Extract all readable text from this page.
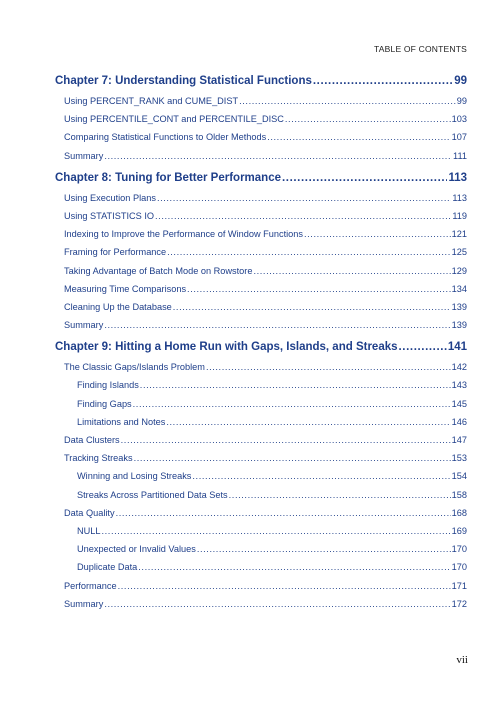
TABLE OF CONTENTS
Chapter 7: Understanding Statistical Functions .....	99
Using PERCENT_RANK and CUME_DIST .....	99
Using PERCENTILE_CONT and PERCENTILE_DISC .....	103
Comparing Statistical Functions to Older Methods .....	107
Summary .....	111
Chapter 8: Tuning for Better Performance .....	113
Using Execution Plans .....	113
Using STATISTICS IO .....	119
Indexing to Improve the Performance of Window Functions .....	121
Framing for Performance .....	125
Taking Advantage of Batch Mode on Rowstore .....	129
Measuring Time Comparisons .....	134
Cleaning Up the Database .....	139
Summary .....	139
Chapter 9: Hitting a Home Run with Gaps, Islands, and Streaks .....	141
The Classic Gaps/Islands Problem .....	142
Finding Islands .....	143
Finding Gaps .....	145
Limitations and Notes .....	146
Data Clusters .....	147
Tracking Streaks .....	153
Winning and Losing Streaks .....	154
Streaks Across Partitioned Data Sets .....	158
Data Quality .....	168
NULL .....	169
Unexpected or Invalid Values .....	170
Duplicate Data .....	170
Performance .....	171
Summary .....	172
vii
